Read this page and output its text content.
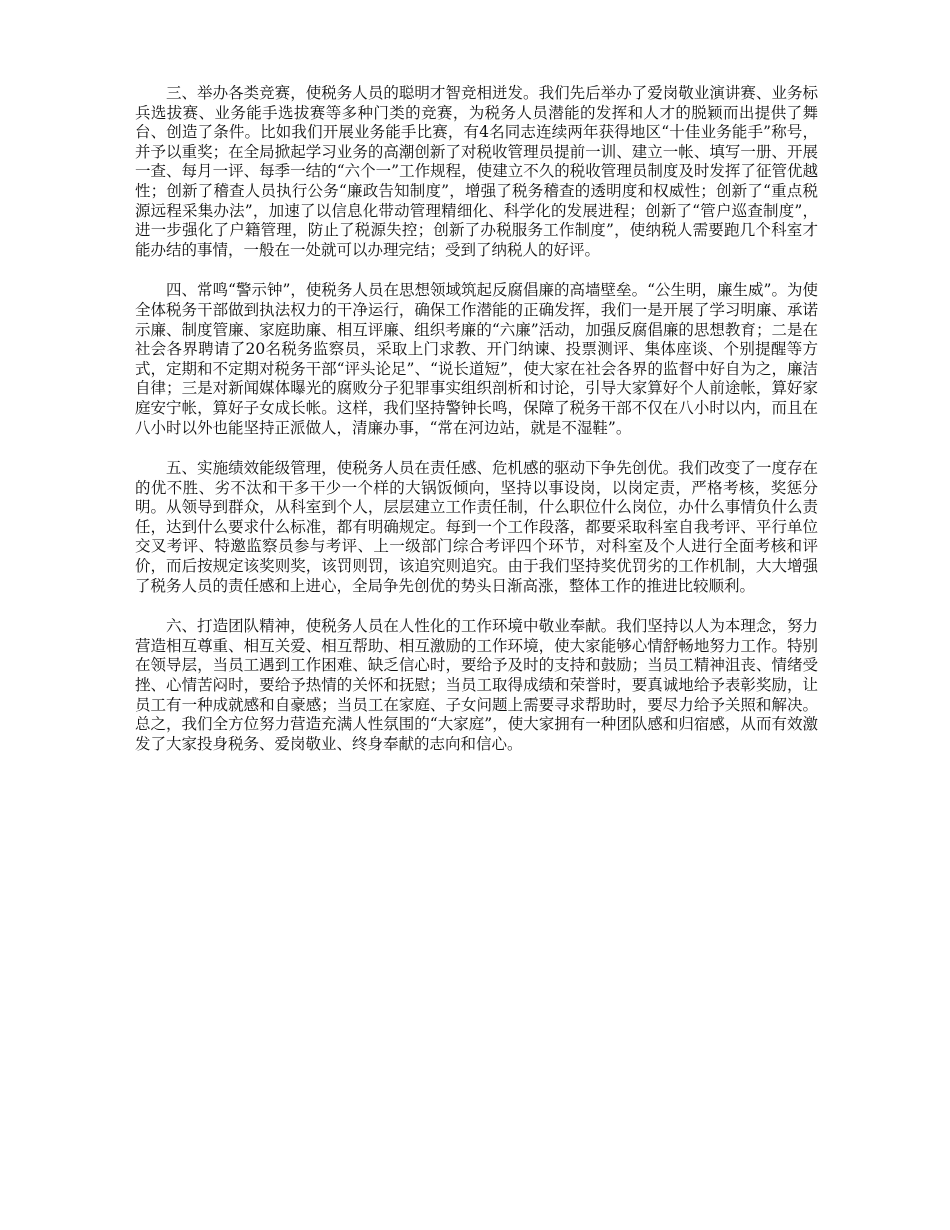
三、举办各类竞赛，使税务人员的聪明才智竞相迸发。我们先后举办了爱岗敬业演讲赛、业务标兵选拔赛、业务能手选拔赛等多种门类的竞赛，为税务人员潜能的发挥和人才的脱颖而出提供了舞台、创造了条件。比如我们开展业务能手比赛，有4名同志连续两年获得地区“十佳业务能手”称号，并予以重奖；在全局掀起学习业务的高潮创新了对税收管理员提前一训、建立一帐、填写一册、开展一查、每月一评、每季一结的“六个一”工作规程，使建立不久的税收管理员制度及时发挥了征管优越性；创新了稽查人员执行公务“廉政告知制度”，增强了税务稽查的透明度和权威性；创新了“重点税源远程采集办法”，加速了以信息化带动管理精细化、科学化的发展进程；创新了“管户巡查制度”，进一步强化了户籍管理，防止了税源失控；创新了办税服务工作制度”，使纳税人需要跑几个科室才能办结的事情，一般在一处就可以办理完结；受到了纳税人的好评。

四、常鸣“警示钟”，使税务人员在思想领域筑起反腐倡廉的高墙壁垒。“公生明，廉生威”。为使全体税务干部做到执法权力的干净运行，确保工作潜能的正确发挥，我们一是开展了学习明廉、承诺示廉、制度管廉、家庭助廉、相互评廉、组织考廉的“六廉”活动，加强反腐倡廉的思想教育；二是在社会各界聘请了20名税务监察员，采取上门求教、开门纳谏、投票测评、集体座谈、个别提醒等方式，定期和不定期对税务干部“评头论足”、“说长道短”，使大家在社会各界的监督中好自为之，廉洁自律；三是对新闻媒体曝光的腐败分子犯罪事实组织剖析和讨论，引导大家算好个人前途帐，算好家庭安宁帐，算好子女成长帐。这样，我们坚持警钟长鸣，保障了税务干部不仅在八小时以内，而且在八小时以外也能坚持正派做人，清廉办事，“常在河边站，就是不湿鞋”。

五、实施绩效能级管理，使税务人员在责任感、危机感的驱动下争先创优。我们改变了一度存在的优不胜、劣不汰和干多干少一个样的大锅饭倾向，坚持以事设岗，以岗定责，严格考核，奖惩分明。从领导到群众，从科室到个人，层层建立工作责任制，什么职位什么岗位，办什么事情负什么责任，达到什么要求什么标准，都有明确规定。每到一个工作段落，都要采取科室自我考评、平行单位交叉考评、特邀监察员参与考评、上一级部门综合考评四个环节，对科室及个人进行全面考核和评价，而后按规定该奖则奖，该罚则罚，该追究则追究。由于我们坚持奖优罚劣的工作机制，大大增强了税务人员的责任感和上进心，全局争先创优的势头日渐高涨，整体工作的推进比较顺利。

六、打造团队精神，使税务人员在人性化的工作环境中敬业奉献。我们坚持以人为本理念，努力营造相互尊重、相互关爱、相互帮助、相互激励的工作环境，使大家能够心情舒畅地努力工作。特别在领导层，当员工遇到工作困难、缺乏信心时，要给予及时的支持和鼓励；当员工精神沮丧、情绪受挫、心情苦闷时，要给予热情的关怀和抚慰；当员工取得成绩和荣誉时，要真诚地给予表彰奖励，让员工有一种成就感和自豪感；当员工在家庭、子女问题上需要寻求帮助时，要尽力给予关照和解决。总之，我们全方位努力营造充满人性氛围的“大家庭”，使大家拥有一种团队感和归宿感，从而有效激发了大家投身税务、爱岗敬业、终身奉献的志向和信心。
